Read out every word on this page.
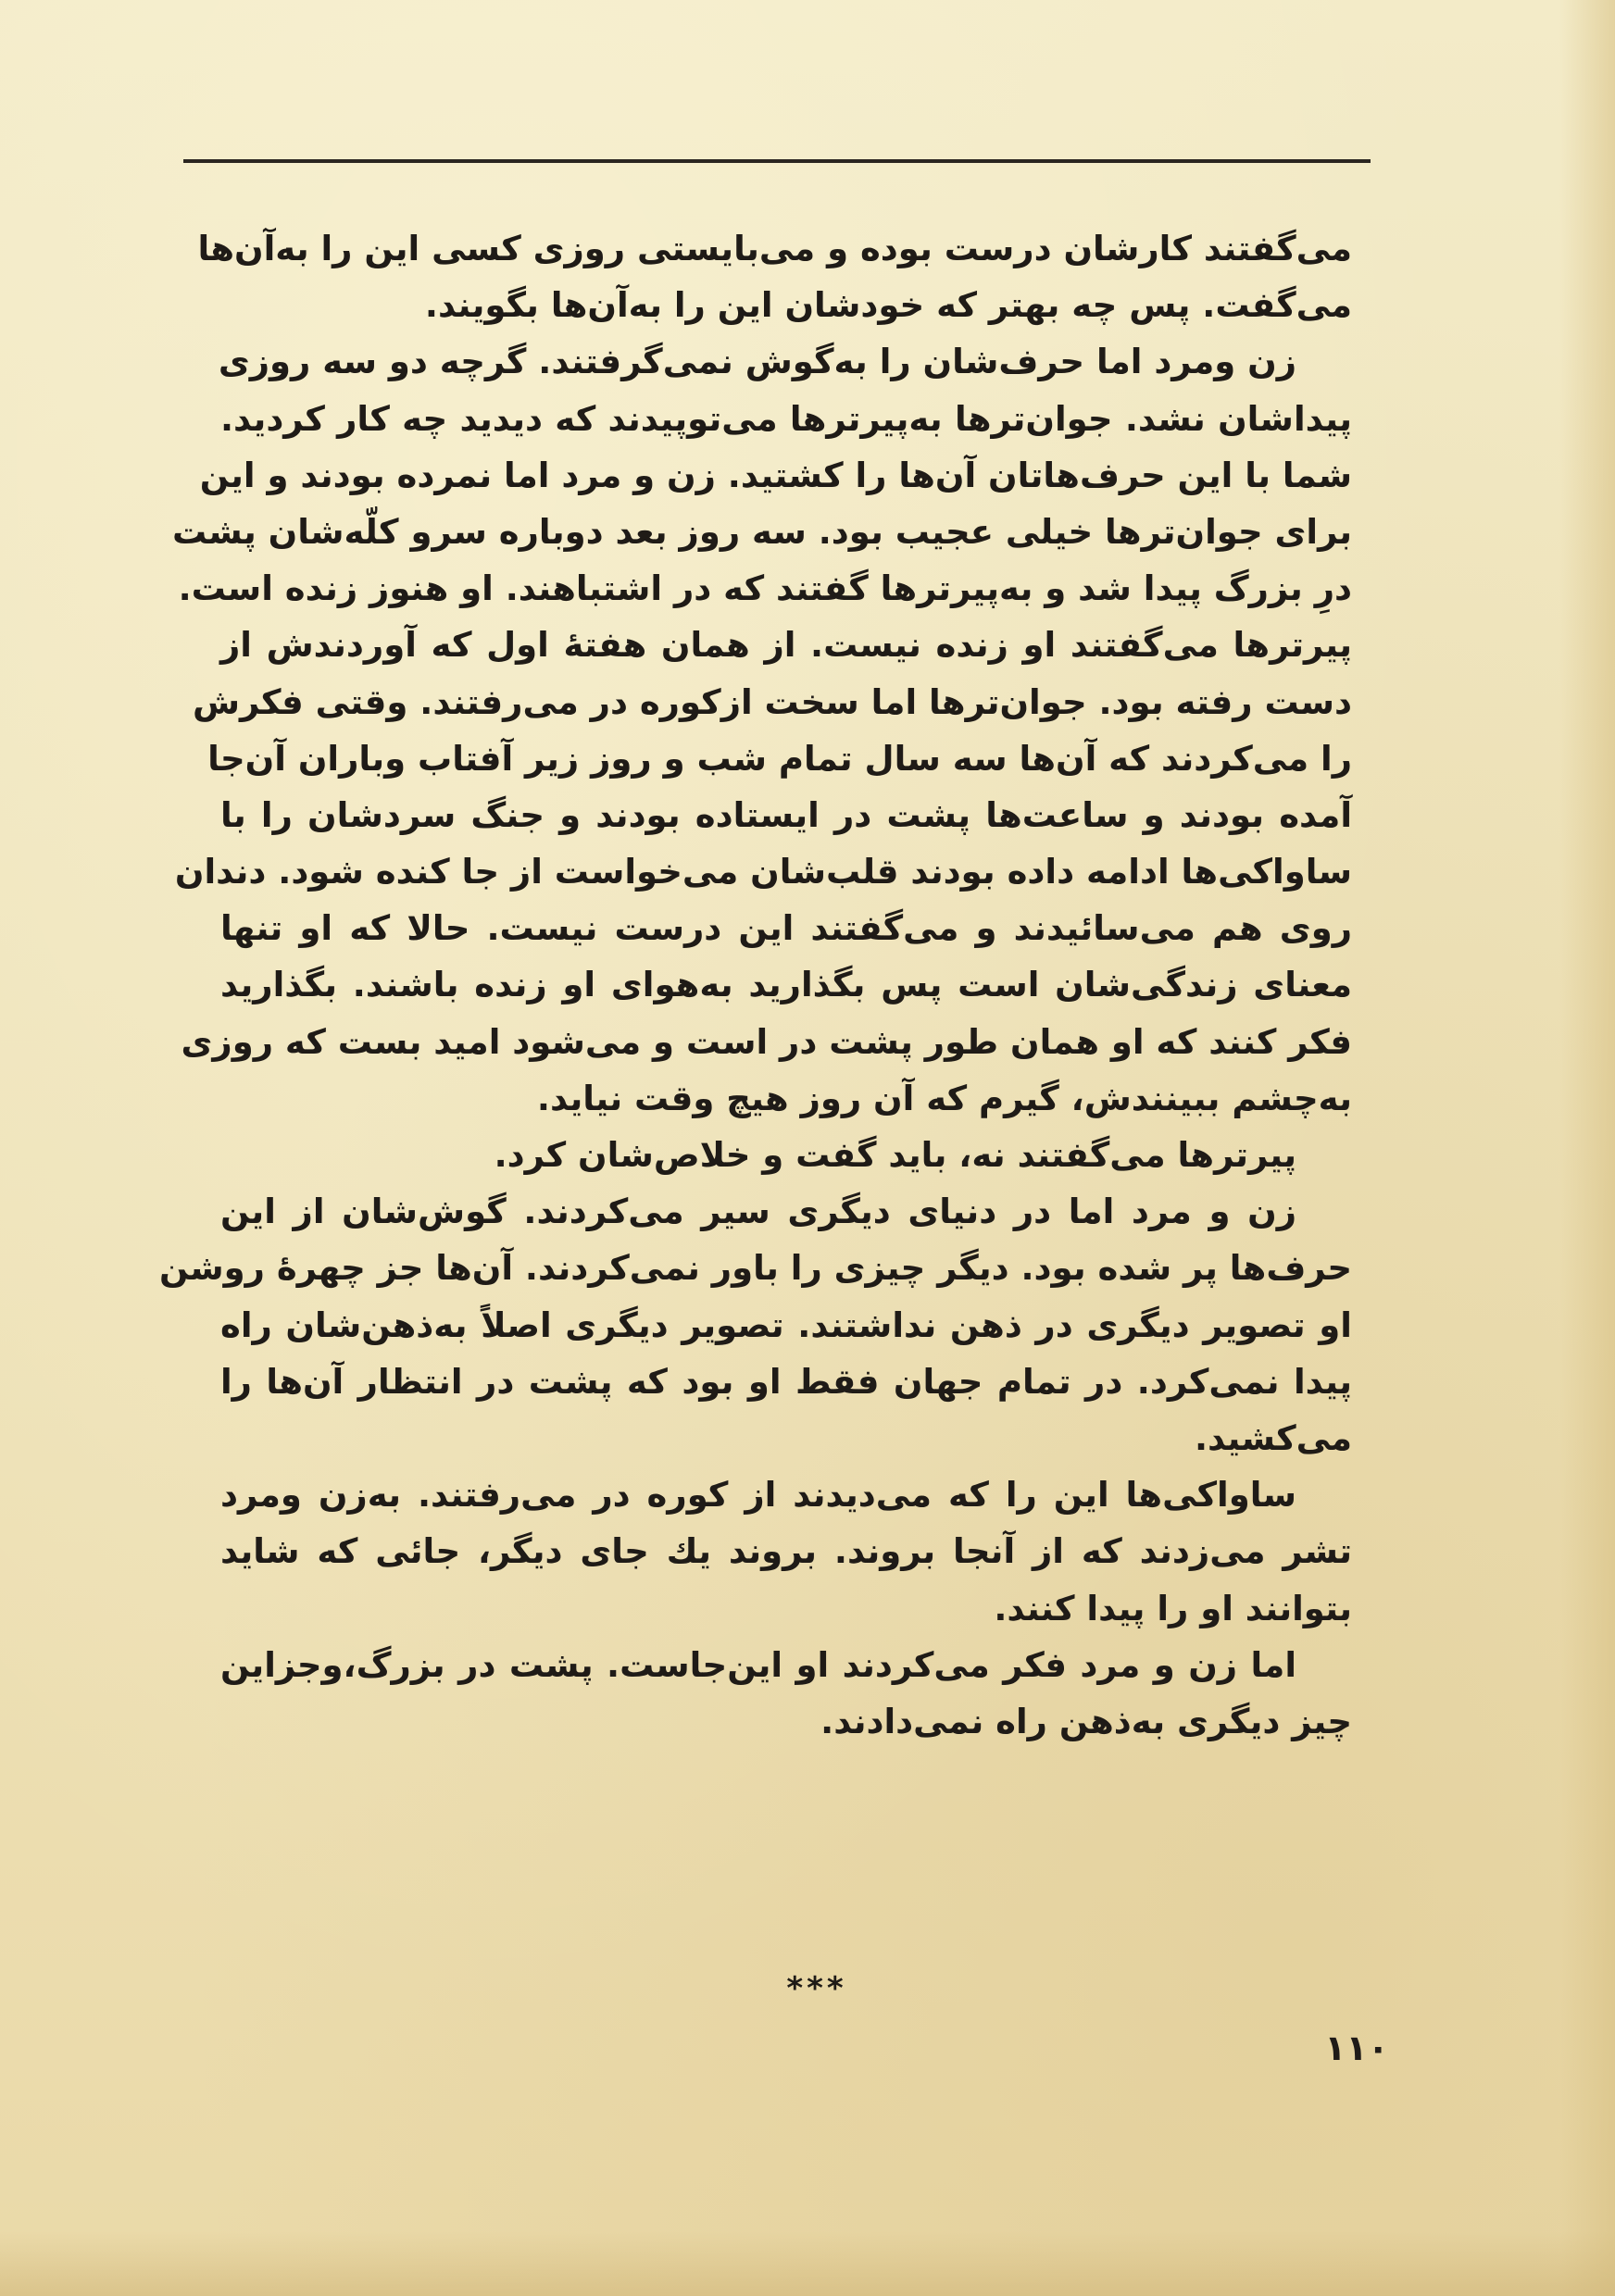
می‌گفتند کارشان درست بوده و می‌بایستی روزی کسی این را به‌آن‌ها
می‌گفت. پس چه بهتر که خودشان این را به‌آن‌ها بگویند.
زن ومرد اما حرف‌شان را به‌گوش نمی‌گرفتند. گرچه دو سه روزی
پیداشان نشد. جوان‌ترها به‌پیرترها می‌توپیدند که دیدید چه کار کردید.
شما با این حرف‌هاتان آن‌ها را کشتید. زن و مرد اما نمرده بودند و این
برای جوان‌ترها خیلی عجیب بود. سه روز بعد دوباره سرو کلّه‌شان پشت
درِ بزرگ پیدا شد و به‌پیرترها گفتند که در اشتباهند. او هنوز زنده است.
پیرترها می‌گفتند او زنده نیست. از همان هفتهٔ اول که آوردندش از
دست رفته بود. جوان‌ترها اما سخت ازکوره در می‌رفتند. وقتی فکرش
را می‌کردند که آن‌ها سه سال تمام شب و روز زیر آفتاب وباران آن‌جا
آمده بودند و ساعت‌ها پشت در ایستاده بودند و جنگ سردشان را با
ساواکی‌ها ادامه داده بودند قلب‌شان می‌خواست از جا کنده شود. دندان
روی هم می‌سائیدند و می‌گفتند این درست نیست. حالا که او تنها
معنای زندگی‌شان است پس بگذارید به‌هوای او زنده باشند. بگذارید
فکر کنند که او همان طور پشت در است و می‌شود امید بست که روزی
به‌چشم ببینندش، گیرم که آن روز هیچ وقت نیاید.
پیرترها می‌گفتند نه، باید گفت و خلاص‌شان کرد.
زن و مرد اما در دنیای دیگری سیر می‌کردند. گوش‌شان از این
حرف‌ها پر شده بود. دیگر چیزی را باور نمی‌کردند. آن‌ها جز چهرهٔ روشن
او تصویر دیگری در ذهن نداشتند. تصویر دیگری اصلاً به‌ذهن‌شان راه
پیدا نمی‌کرد. در تمام جهان فقط او بود که پشت در انتظار آن‌ها را
می‌کشید.
ساواکی‌ها این را که می‌دیدند از کوره در می‌رفتند. به‌زن ومرد
تشر می‌زدند که از آنجا بروند. بروند یك جای دیگر، جائی که شاید
بتوانند او را پیدا کنند.
اما زن و مرد فکر می‌کردند او این‌جاست. پشت در بزرگ،وجزاین
چیز دیگری به‌ذهن راه نمی‌دادند.
***
۱۱۰
